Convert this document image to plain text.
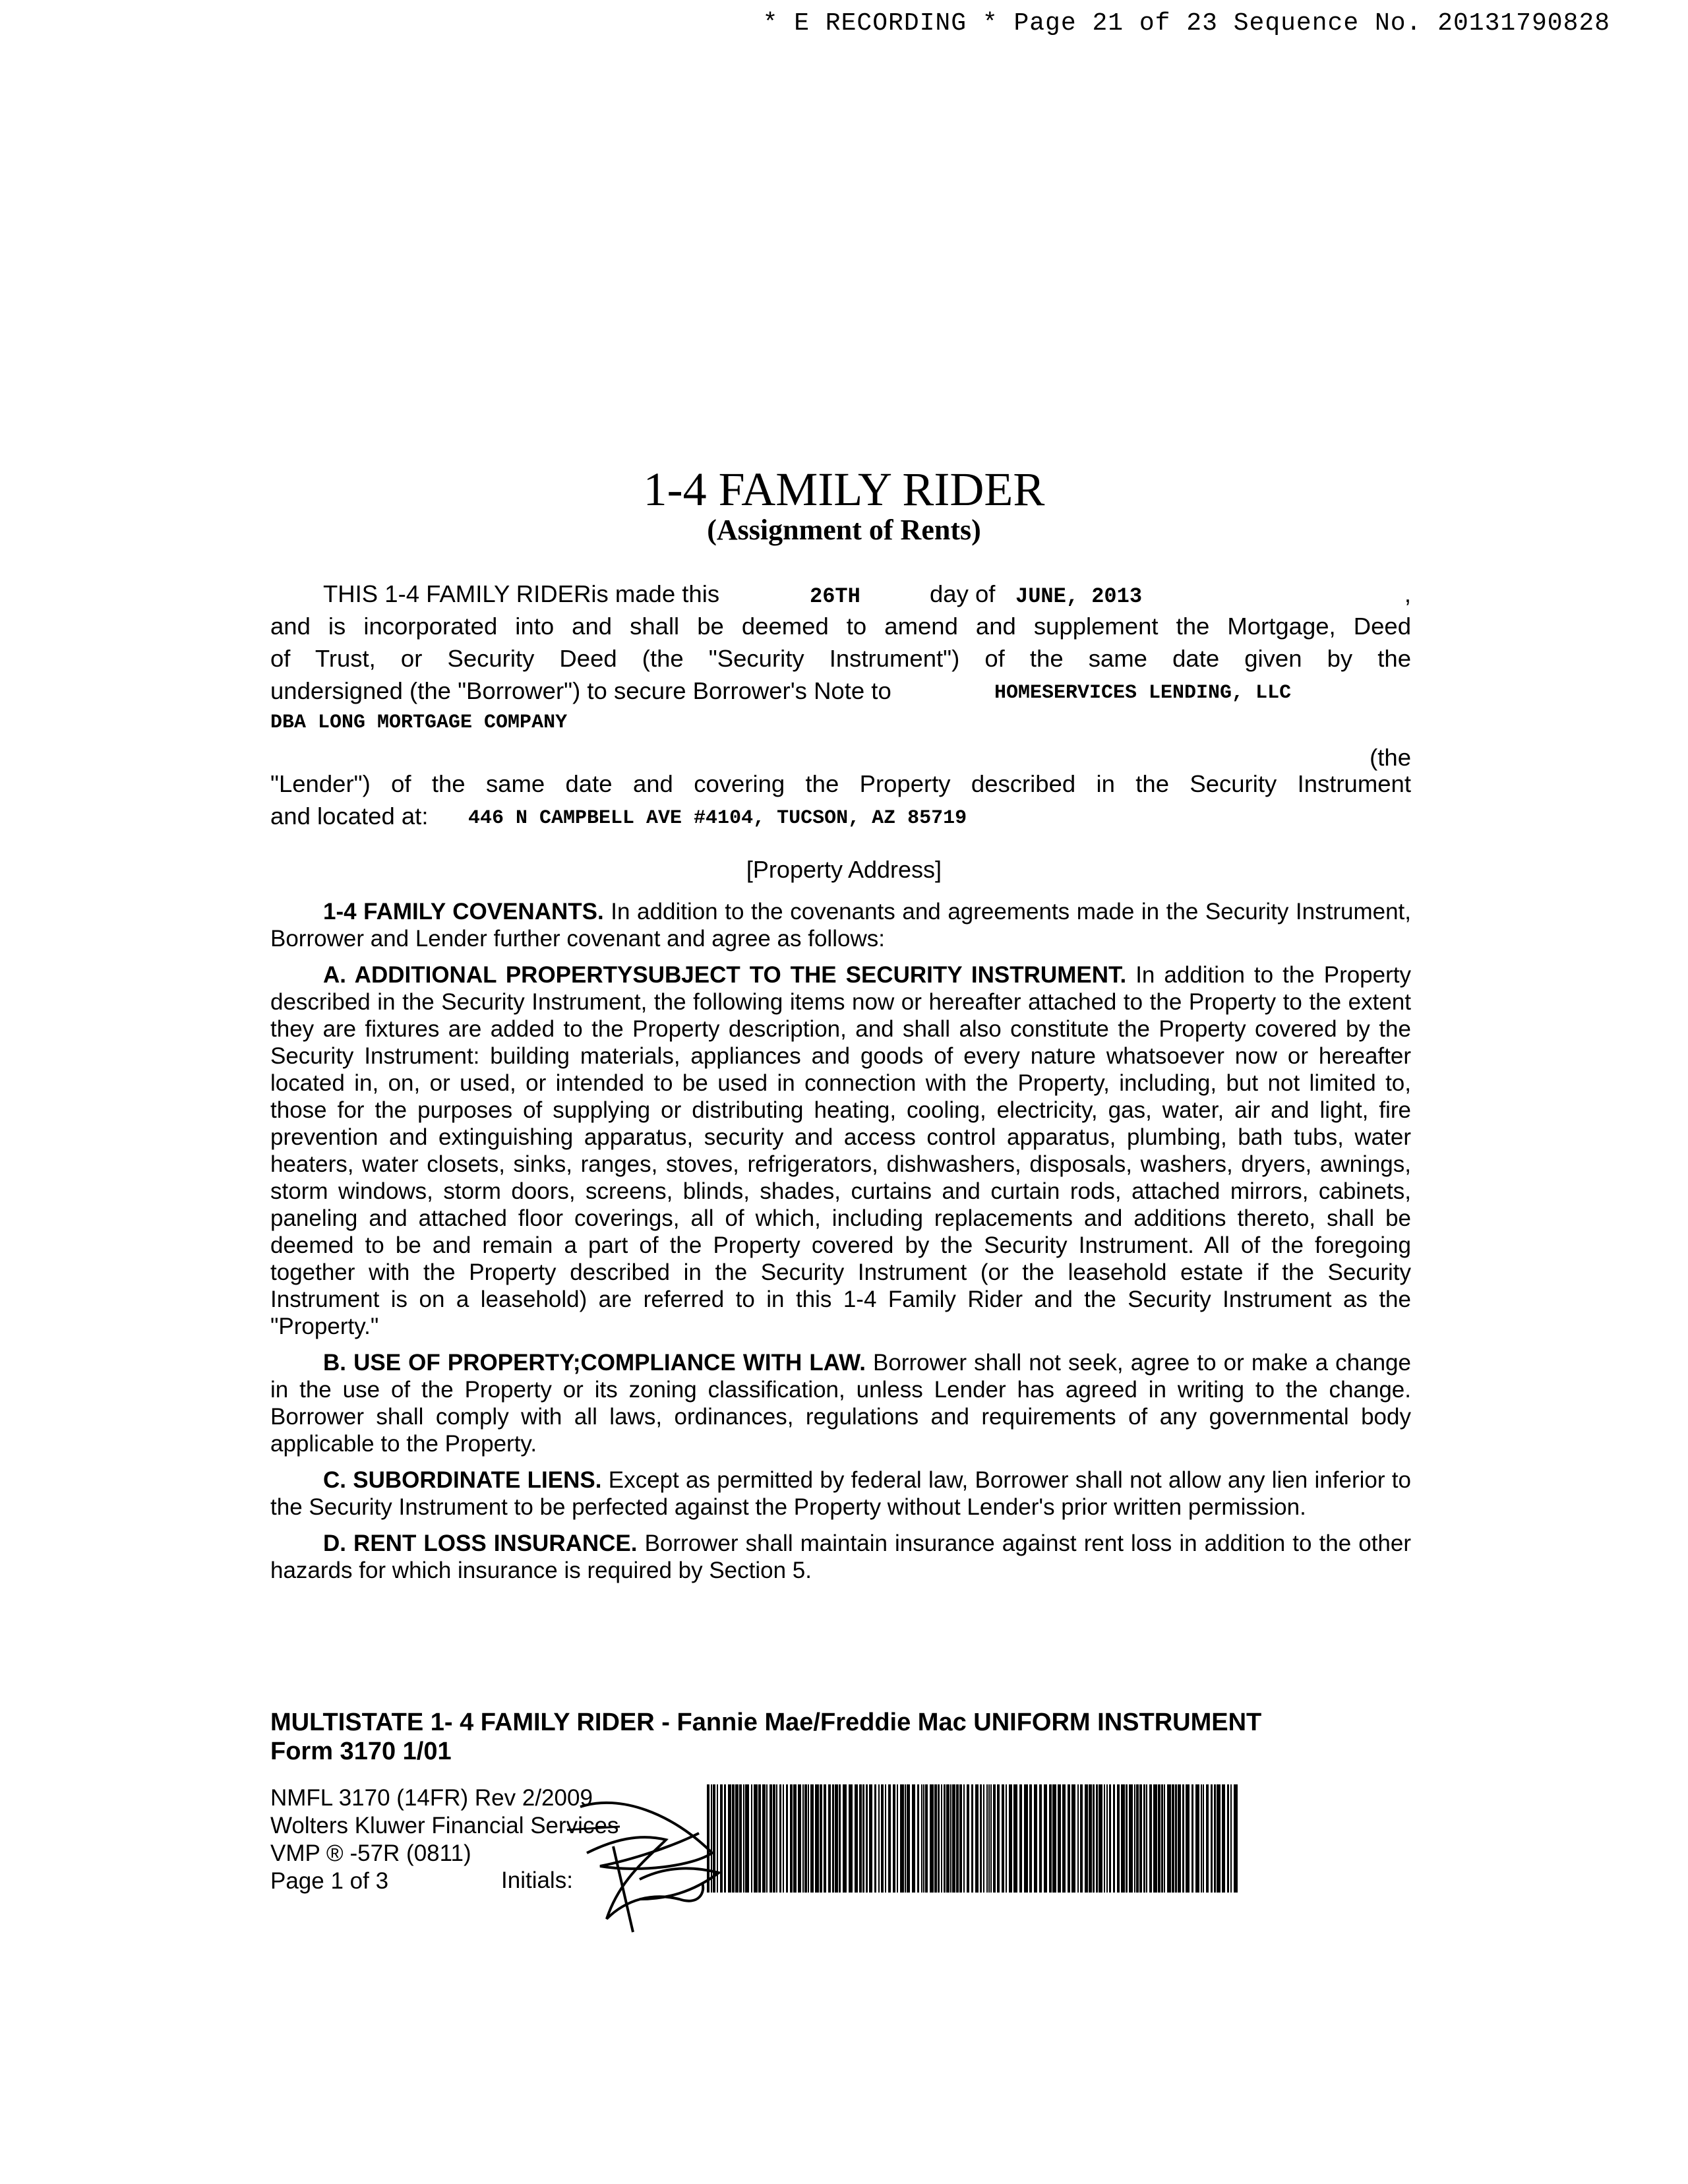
* E RECORDING * Page 21 of 23 Sequence No. 20131790828
1-4 FAMILY RIDER
(Assignment of Rents)
THIS 1-4 FAMILY RIDERis made this	26TH	day of JUNE, 2013	,
and is incorporated into and shall be deemed to amend and supplement the Mortgage, Deed
of Trust, or Security Deed (the "Security Instrument") of the same date given by the
undersigned (the "Borrower") to secure Borrower's Note to	HOMESERVICES LENDING, LLC
DBA LONG MORTGAGE COMPANY
(the
"Lender") of the same date and covering the Property described in the Security Instrument
and located at: 446 N CAMPBELL AVE #4104, TUCSON, AZ 85719
[Property Address]

1-4 FAMILY COVENANTS. In addition to the covenants and agreements made in the Security Instrument, Borrower and Lender further covenant and agree as follows:

A. ADDITIONAL PROPERTYSUBJECT TO THE SECURITY INSTRUMENT. In addition to the Property described in the Security Instrument, the following items now or hereafter attached to the Property to the extent they are fixtures are added to the Property description, and shall also constitute the Property covered by the Security Instrument: building materials, appliances and goods of every nature whatsoever now or hereafter located in, on, or used, or intended to be used in connection with the Property, including, but not limited to, those for the purposes of supplying or distributing heating, cooling, electricity, gas, water, air and light, fire prevention and extinguishing apparatus, security and access control apparatus, plumbing, bath tubs, water heaters, water closets, sinks, ranges, stoves, refrigerators, dishwashers, disposals, washers, dryers, awnings, storm windows, storm doors, screens, blinds, shades, curtains and curtain rods, attached mirrors, cabinets, paneling and attached floor coverings, all of which, including replacements and additions thereto, shall be deemed to be and remain a part of the Property covered by the Security Instrument. All of the foregoing together with the Property described in the Security Instrument (or the leasehold estate if the Security Instrument is on a leasehold) are referred to in this 1-4 Family Rider and the Security Instrument as the "Property."

B. USE OF PROPERTY;COMPLIANCE WITH LAW. Borrower shall not seek, agree to or make a change in the use of the Property or its zoning classification, unless Lender has agreed in writing to the change. Borrower shall comply with all laws, ordinances, regulations and requirements of any governmental body applicable to the Property.

C. SUBORDINATE LIENS. Except as permitted by federal law, Borrower shall not allow any lien inferior to the Security Instrument to be perfected against the Property without Lender's prior written permission.

D. RENT LOSS INSURANCE. Borrower shall maintain insurance against rent loss in addition to the other hazards for which insurance is required by Section 5.

MULTISTATE 1- 4 FAMILY RIDER - Fannie Mae/Freddie Mac UNIFORM INSTRUMENT
Form 3170 1/01
NMFL 3170 (14FR) Rev 2/2009
Wolters Kluwer Financial Services
VMP ® -57R (0811)
Page 1 of 3	Initials:
